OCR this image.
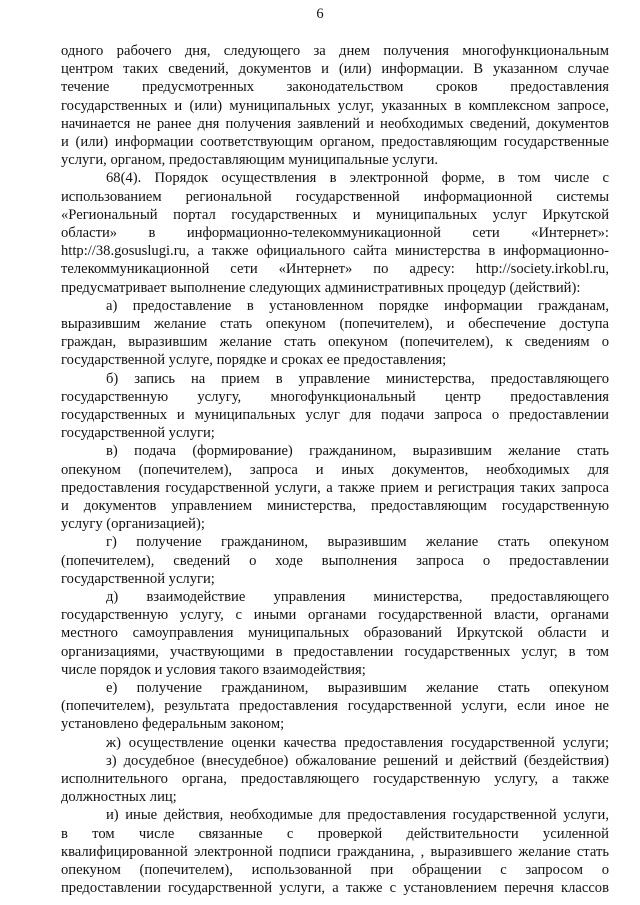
6
одного рабочего дня, следующего за днем получения многофункциональным
центром таких сведений, документов и (или) информации. В указанном случае
течение предусмотренных законодательством сроков предоставления
государственных и (или) муниципальных услуг, указанных в комплексном запросе,
начинается не ранее дня получения заявлений и необходимых сведений, документов
и (или) информации соответствующим органом, предоставляющим государственные
услуги, органом, предоставляющим муниципальные услуги.
68(4). Порядок осуществления в электронной форме, в том числе с
использованием региональной государственной информационной системы
«Региональный портал государственных и муниципальных услуг Иркутской
области» в информационно-телекоммуникационной сети «Интернет»:
http://38.gosuslugi.ru, а также официального сайта министерства в информационно-
телекоммуникационной сети «Интернет» по адресу: http://society.irkobl.ru,
предусматривает выполнение следующих административных процедур (действий):
а) предоставление в установленном порядке информации гражданам,
выразившим желание стать опекуном (попечителем), и обеспечение доступа
граждан, выразившим желание стать опекуном (попечителем), к сведениям о
государственной услуге, порядке и сроках ее предоставления;
б) запись на прием в управление министерства, предоставляющего
государственную услугу, многофункциональный центр предоставления
государственных и муниципальных услуг для подачи запроса о предоставлении
государственной услуги;
в) подача (формирование) гражданином, выразившим желание стать
опекуном (попечителем), запроса и иных документов, необходимых для
предоставления государственной услуги, а также прием и регистрация таких запроса
и документов управлением министерства, предоставляющим государственную
услугу (организацией);
г) получение гражданином, выразившим желание стать опекуном
(попечителем), сведений о ходе выполнения запроса о предоставлении
государственной услуги;
д) взаимодействие управления министерства, предоставляющего
государственную услугу, с иными органами государственной власти, органами
местного самоуправления муниципальных образований Иркутской области и
организациями, участвующими в предоставлении государственных услуг, в том
числе порядок и условия такого взаимодействия;
е) получение гражданином, выразившим желание стать опекуном
(попечителем), результата предоставления государственной услуги, если иное не
установлено федеральным законом;
ж) осуществление оценки качества предоставления государственной услуги;
з) досудебное (внесудебное) обжалование решений и действий (бездействия)
исполнительного органа, предоставляющего государственную услугу, а также
должностных лиц;
и) иные действия, необходимые для предоставления государственной услуги,
в том числе связанные с проверкой действительности усиленной
квалифицированной электронной подписи гражданина, , выразившего желание стать
опекуном (попечителем), использованной при обращении с запросом о
предоставлении государственной услуги, а также с установлением перечня классов
